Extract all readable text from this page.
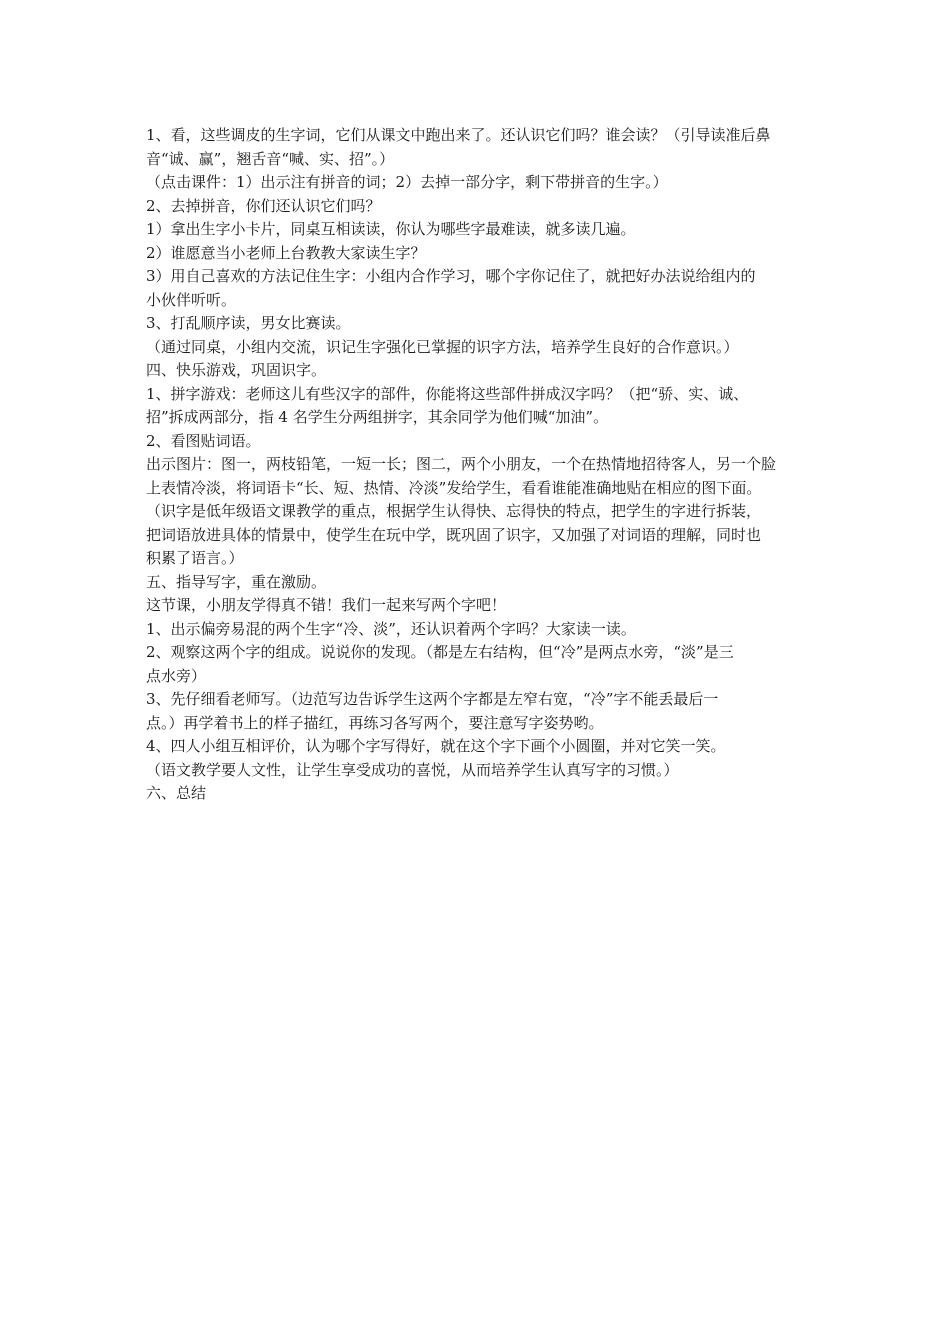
1、看，这些调皮的生字词，它们从课文中跑出来了。还认识它们吗？谁会读？（引导读准后鼻
音“诚、赢”，翘舌音“喊、实、招”。）
（点击课件：1）出示注有拼音的词；2）去掉一部分字，剩下带拼音的生字。）
2、去掉拼音，你们还认识它们吗？
1）拿出生字小卡片，同桌互相读读，你认为哪些字最难读，就多读几遍。
2）谁愿意当小老师上台教教大家读生字？
3）用自己喜欢的方法记住生字：小组内合作学习，哪个字你记住了，就把好办法说给组内的
小伙伴听听。
3、打乱顺序读，男女比赛读。
（通过同桌，小组内交流，识记生字强化已掌握的识字方法，培养学生良好的合作意识。）
四、快乐游戏，巩固识字。
1、拼字游戏：老师这儿有些汉字的部件，你能将这些部件拼成汉字吗？（把“骄、实、诚、
招”拆成两部分，指 4 名学生分两组拼字，其余同学为他们喊“加油”。
2、看图贴词语。
出示图片：图一，两枝铅笔，一短一长；图二，两个小朋友，一个在热情地招待客人，另一个脸
上表情冷淡，将词语卡“长、短、热情、冷淡”发给学生，看看谁能准确地贴在相应的图下面。
（识字是低年级语文课教学的重点，根据学生认得快、忘得快的特点，把学生的字进行拆装，
把词语放进具体的情景中，使学生在玩中学，既巩固了识字，又加强了对词语的理解，同时也
积累了语言。）
五、指导写字，重在激励。
这节课，小朋友学得真不错！我们一起来写两个字吧！
1、出示偏旁易混的两个生字“冷、淡”，还认识着两个字吗？大家读一读。
2、观察这两个字的组成。说说你的发现。（都是左右结构，但“冷”是两点水旁，“淡”是三
点水旁）
3、先仔细看老师写。（边范写边告诉学生这两个字都是左窄右宽，“冷”字不能丢最后一
点。）再学着书上的样子描红，再练习各写两个，要注意写字姿势哟。
4、四人小组互相评价，认为哪个字写得好，就在这个字下画个小圆圈，并对它笑一笑。
（语文教学要人文性，让学生享受成功的喜悦，从而培养学生认真写字的习惯。）
六、总结
